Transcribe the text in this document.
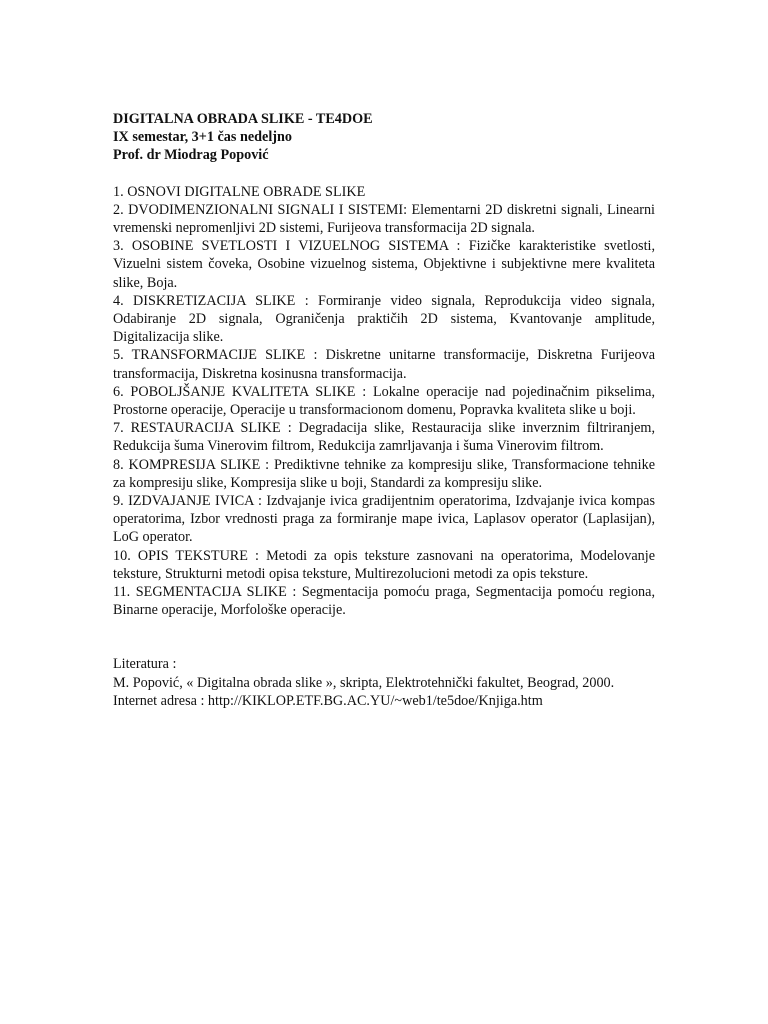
DIGITALNA OBRADA SLIKE - TE4DOE
IX semestar, 3+1 čas nedeljno
Prof. dr Miodrag Popović
1. OSNOVI DIGITALNE OBRADE SLIKE
2. DVODIMENZIONALNI SIGNALI I SISTEMI: Elementarni 2D diskretni signali, Linearni vremenski nepromenljivi 2D sistemi, Furijeova transformacija 2D signala.
3. OSOBINE SVETLOSTI I VIZUELNOG SISTEMA : Fizičke karakteristike svetlosti, Vizuelni sistem čoveka, Osobine vizuelnog sistema, Objektivne i subjektivne mere kvaliteta slike, Boja.
4. DISKRETIZACIJA SLIKE : Formiranje video signala, Reprodukcija video signala, Odabiranje 2D signala, Ograničenja praktičih 2D sistema, Kvantovanje amplitude, Digitalizacija slike.
5. TRANSFORMACIJE SLIKE : Diskretne unitarne transformacije, Diskretna Furijeova transformacija, Diskretna kosinusna transformacija.
6. POBOLJŠANJE KVALITETA SLIKE : Lokalne operacije nad pojedinačnim pikselima, Prostorne operacije, Operacije u transformacionom domenu, Popravka kvaliteta slike u boji.
7. RESTAURACIJA SLIKE : Degradacija slike, Restauracija slike inverznim filtriranjem, Redukcija šuma Vinerovim filtrom, Redukcija zamrljavanja i šuma Vinerovim filtrom.
8. KOMPRESIJA SLIKE : Prediktivne tehnike za kompresiju slike, Transformacione tehnike za kompresiju slike, Kompresija slike u boji, Standardi za kompresiju slike.
9. IZDVAJANJE IVICA : Izdvajanje ivica gradijentnim operatorima, Izdvajanje ivica kompas operatorima, Izbor vrednosti praga za formiranje mape ivica, Laplasov operator (Laplasijan), LoG operator.
10. OPIS TEKSTURE : Metodi za opis teksture zasnovani na operatorima, Modelovanje teksture, Strukturni metodi opisa teksture, Multirezolucioni metodi za opis teksture.
11. SEGMENTACIJA SLIKE : Segmentacija pomoću praga, Segmentacija pomoću regiona, Binarne operacije, Morfološke operacije.
Literatura :
M. Popović, « Digitalna obrada slike », skripta, Elektrotehnički fakultet, Beograd, 2000.
Internet adresa : http://KIKLOP.ETF.BG.AC.YU/~web1/te5doe/Knjiga.htm
